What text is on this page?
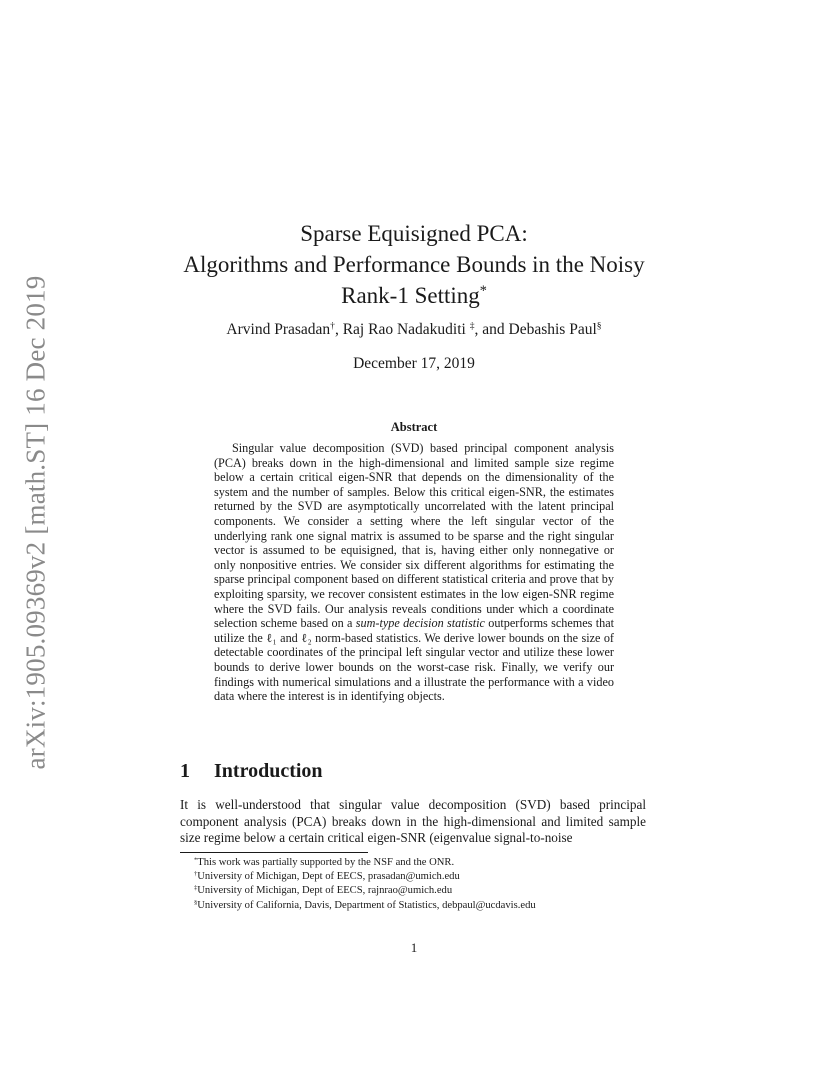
arXiv:1905.09369v2 [math.ST] 16 Dec 2019
Sparse Equisigned PCA:
Algorithms and Performance Bounds in the Noisy
Rank-1 Setting*
Arvind Prasadan†, Raj Rao Nadakuditi ‡, and Debashis Paul§
December 17, 2019
Abstract
Singular value decomposition (SVD) based principal component analysis (PCA) breaks down in the high-dimensional and limited sample size regime below a certain critical eigen-SNR that depends on the dimensionality of the system and the number of samples. Below this critical eigen-SNR, the estimates returned by the SVD are asymptotically uncorrelated with the latent principal components. We consider a setting where the left singular vector of the underlying rank one signal matrix is assumed to be sparse and the right singular vector is assumed to be equisigned, that is, having either only nonnegative or only nonpositive entries. We consider six different algorithms for estimating the sparse principal component based on different statistical criteria and prove that by exploiting sparsity, we recover consistent estimates in the low eigen-SNR regime where the SVD fails. Our analysis reveals conditions under which a coordinate selection scheme based on a sum-type decision statistic outperforms schemes that utilize the ℓ₁ and ℓ₂ norm-based statistics. We derive lower bounds on the size of detectable coordinates of the principal left singular vector and utilize these lower bounds to derive lower bounds on the worst-case risk. Finally, we verify our findings with numerical simulations and a illustrate the performance with a video data where the interest is in identifying objects.
1 Introduction
It is well-understood that singular value decomposition (SVD) based principal component analysis (PCA) breaks down in the high-dimensional and limited sample size regime below a certain critical eigen-SNR (eigenvalue signal-to-noise
*This work was partially supported by the NSF and the ONR.
†University of Michigan, Dept of EECS, prasadan@umich.edu
‡University of Michigan, Dept of EECS, rajnrao@umich.edu
§University of California, Davis, Department of Statistics, debpaul@ucdavis.edu
1
